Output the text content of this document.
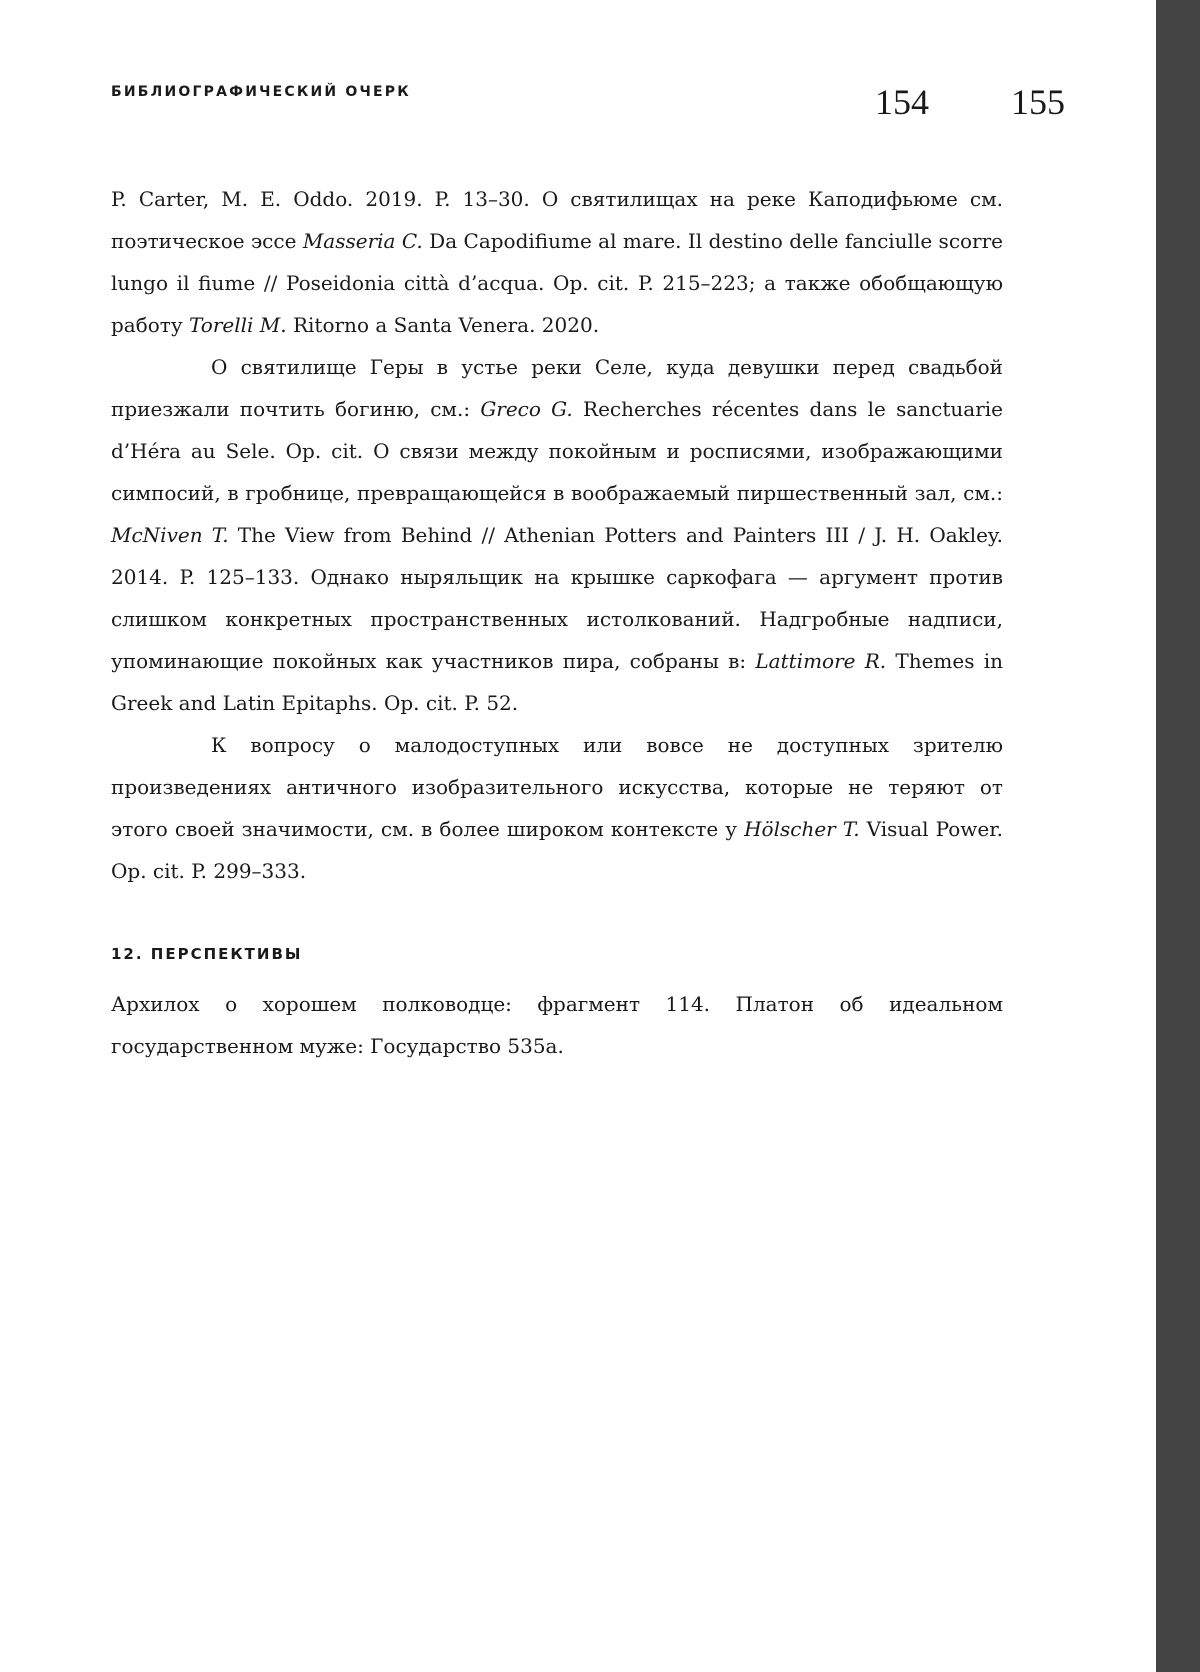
БИБЛИОГРАФИЧЕСКИЙ ОЧЕРК	154 155

P. Carter, M. E. Oddo. 2019. P. 13–30. О святилищах на реке Каподифьюме см. поэтическое эссе Masseria C. Da Capodifiume al mare. Il destino delle fanciulle scorre lungo il fiume // Poseidonia città d’acqua. Op. cit. P. 215–223; а также обобщающую работу Torelli M. Ritorno a Santa Venera. 2020.

О святилище Геры в устье реки Селе, куда девушки перед свадьбой приезжали почтить богиню, см.: Greco G. Recherches récentes dans le sanctuarie d’Héra au Sele. Op. cit. О связи между покойным и росписями, изображающими симпосий, в гробнице, превращающейся в воображаемый пиршественный зал, см.: McNiven T. The View from Behind // Athenian Potters and Painters III / J. H. Oakley. 2014. P. 125–133. Однако ныряльщик на крышке саркофага — аргумент против слишком конкретных пространственных истолкований. Надгробные надписи, упоминающие покойных как участников пира, собраны в: Lattimore R. Themes in Greek and Latin Epitaphs. Op. cit. P. 52.

К вопросу о малодоступных или вовсе не доступных зрителю произведениях античного изобразительного искусства, которые не теряют от этого своей значимости, см. в более широком контексте у Hölscher T. Visual Power. Op. cit. P. 299–333.

12. ПЕРСПЕКТИВЫ

Архилох о хорошем полководце: фрагмент 114. Платон об идеальном государственном муже: Государство 535a.
